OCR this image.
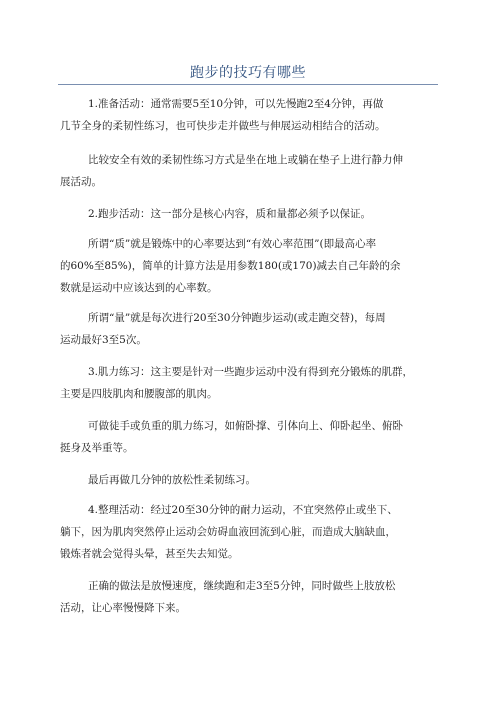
跑步的技巧有哪些
1.准备活动：通常需要5至10分钟，可以先慢跑2至4分钟，再做
几节全身的柔韧性练习，也可快步走并做些与伸展运动相结合的活动。
比较安全有效的柔韧性练习方式是坐在地上或躺在垫子上进行静力伸
展活动。
2.跑步活动：这一部分是核心内容，质和量都必须予以保证。
所谓“质”就是锻炼中的心率要达到“有效心率范围”(即最高心率
的60%至85%)，简单的计算方法是用参数180(或170)减去自己年龄的余
数就是运动中应该达到的心率数。
所谓“量”就是每次进行20至30分钟跑步运动(或走跑交替)，每周
运动最好3至5次。
3.肌力练习：这主要是针对一些跑步运动中没有得到充分锻炼的肌群，
主要是四肢肌肉和腰腹部的肌肉。
可做徒手或负重的肌力练习，如俯卧撑、引体向上、仰卧起坐、俯卧
挺身及举重等。
最后再做几分钟的放松性柔韧练习。
4.整理活动：经过20至30分钟的耐力运动，不宜突然停止或坐下、
躺下，因为肌肉突然停止运动会妨碍血液回流到心脏，而造成大脑缺血，
锻炼者就会觉得头晕，甚至失去知觉。
正确的做法是放慢速度，继续跑和走3至5分钟，同时做些上肢放松
活动，让心率慢慢降下来。
